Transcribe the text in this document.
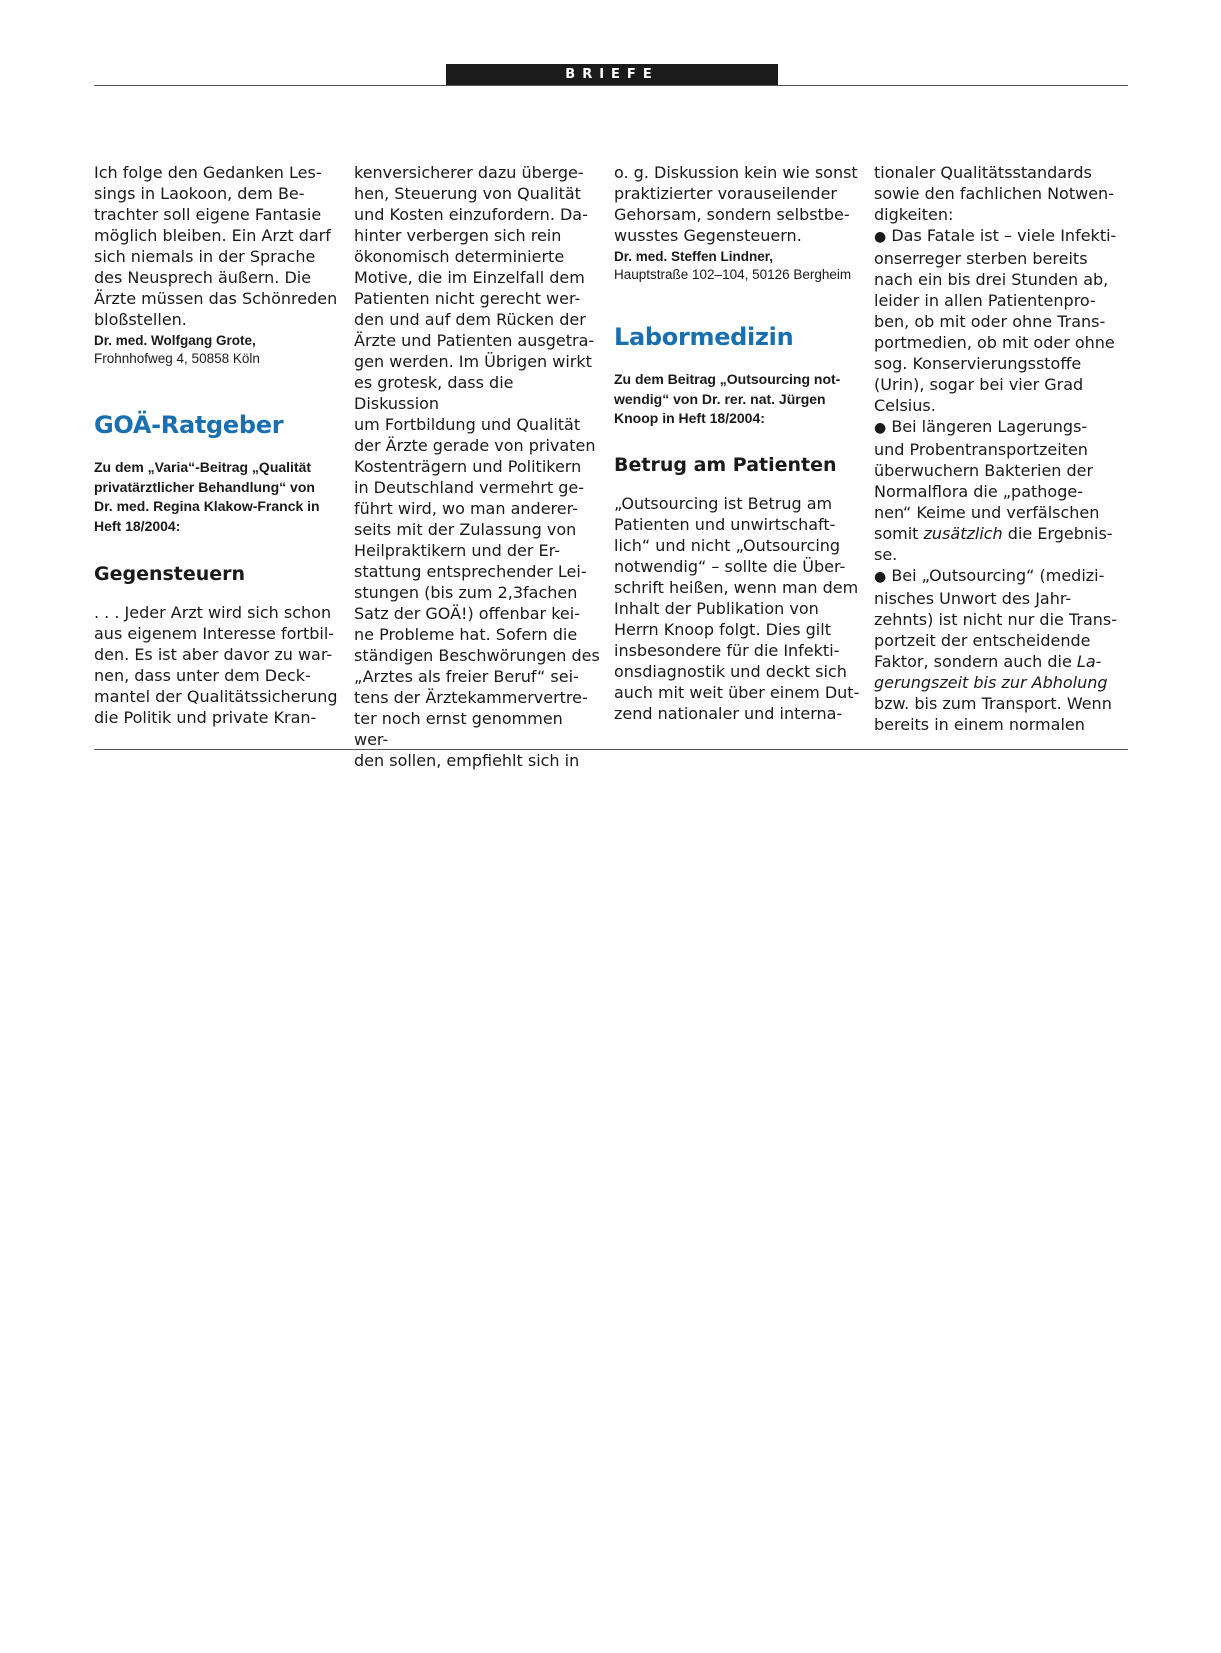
BRIEFE

Ich folge den Gedanken Les-
sings in Laokoon, dem Be-
trachter soll eigene Fantasie
möglich bleiben. Ein Arzt darf
sich niemals in der Sprache
des Neusprech äußern. Die
Ärzte müssen das Schönreden
bloßstellen.

Dr. med. Wolfgang Grote,
Frohnhofweg 4, 50858 Köln
GOÄ-Ratgeber
Zu dem „Varia“-Beitrag „Qualität
privatärztlicher Behandlung“ von
Dr. med. Regina Klakow-Franck in
Heft 18/2004:
Gegensteuern

. . . Jeder Arzt wird sich schon
aus eigenem Interesse fortbil-
den. Es ist aber davor zu war-
nen, dass unter dem Deck-
mantel der Qualitätssicherung
die Politik und private Kran-

kenversicherer dazu überge-
hen, Steuerung von Qualität
und Kosten einzufordern. Da-
hinter verbergen sich rein
ökonomisch determinierte
Motive, die im Einzelfall dem
Patienten nicht gerecht wer-
den und auf dem Rücken der
Ärzte und Patienten ausgetra-
gen werden. Im Übrigen wirkt
es grotesk, dass die Diskussion
um Fortbildung und Qualität
der Ärzte gerade von privaten
Kostenträgern und Politikern
in Deutschland vermehrt ge-
führt wird, wo man anderer-
seits mit der Zulassung von
Heilpraktikern und der Er-
stattung entsprechender Lei-
stungen (bis zum 2,3fachen
Satz der GOÄ!) offenbar kei-
ne Probleme hat. Sofern die
ständigen Beschwörungen des
„Arztes als freier Beruf“ sei-
tens der Ärztekammervertre-
ter noch ernst genommen wer-
den sollen, empfiehlt sich in

o. g. Diskussion kein wie sonst
praktizierter vorauseilender
Gehorsam, sondern selbstbe-
wusstes Gegensteuern.

Dr. med. Steffen Lindner,
Hauptstraße 102–104, 50126 Bergheim
Labormedizin
Zu dem Beitrag „Outsourcing not-
wendig“ von Dr. rer. nat. Jürgen
Knoop in Heft 18/2004:
Betrug am Patienten

„Outsourcing ist Betrug am
Patienten und unwirtschaft-
lich“ und nicht „Outsourcing
notwendig“ – sollte die Über-
schrift heißen, wenn man dem
Inhalt der Publikation von
Herrn Knoop folgt. Dies gilt
insbesondere für die Infekti-
onsdiagnostik und deckt sich
auch mit weit über einem Dut-
zend nationaler und interna-

tionaler Qualitätsstandards
sowie den fachlichen Notwen-
digkeiten:

● Das Fatale ist – viele Infekti-
onserreger sterben bereits
nach ein bis drei Stunden ab,
leider in allen Patientenpro-
ben, ob mit oder ohne Trans-
portmedien, ob mit oder ohne
sog. Konservierungsstoffe
(Urin), sogar bei vier Grad
Celsius.

● Bei längeren Lagerungs-
und Probentransportzeiten
überwuchern Bakterien der
Normalflora die „pathoge-
nen“ Keime und verfälschen
somit zusätzlich die Ergebnis-
se.

● Bei „Outsourcing“ (medizi-
nisches Unwort des Jahr-
zehnts) ist nicht nur die Trans-
portzeit der entscheidende
Faktor, sondern auch die La-
gerungszeit bis zur Abholung
bzw. bis zum Transport. Wenn
bereits in einem normalen
